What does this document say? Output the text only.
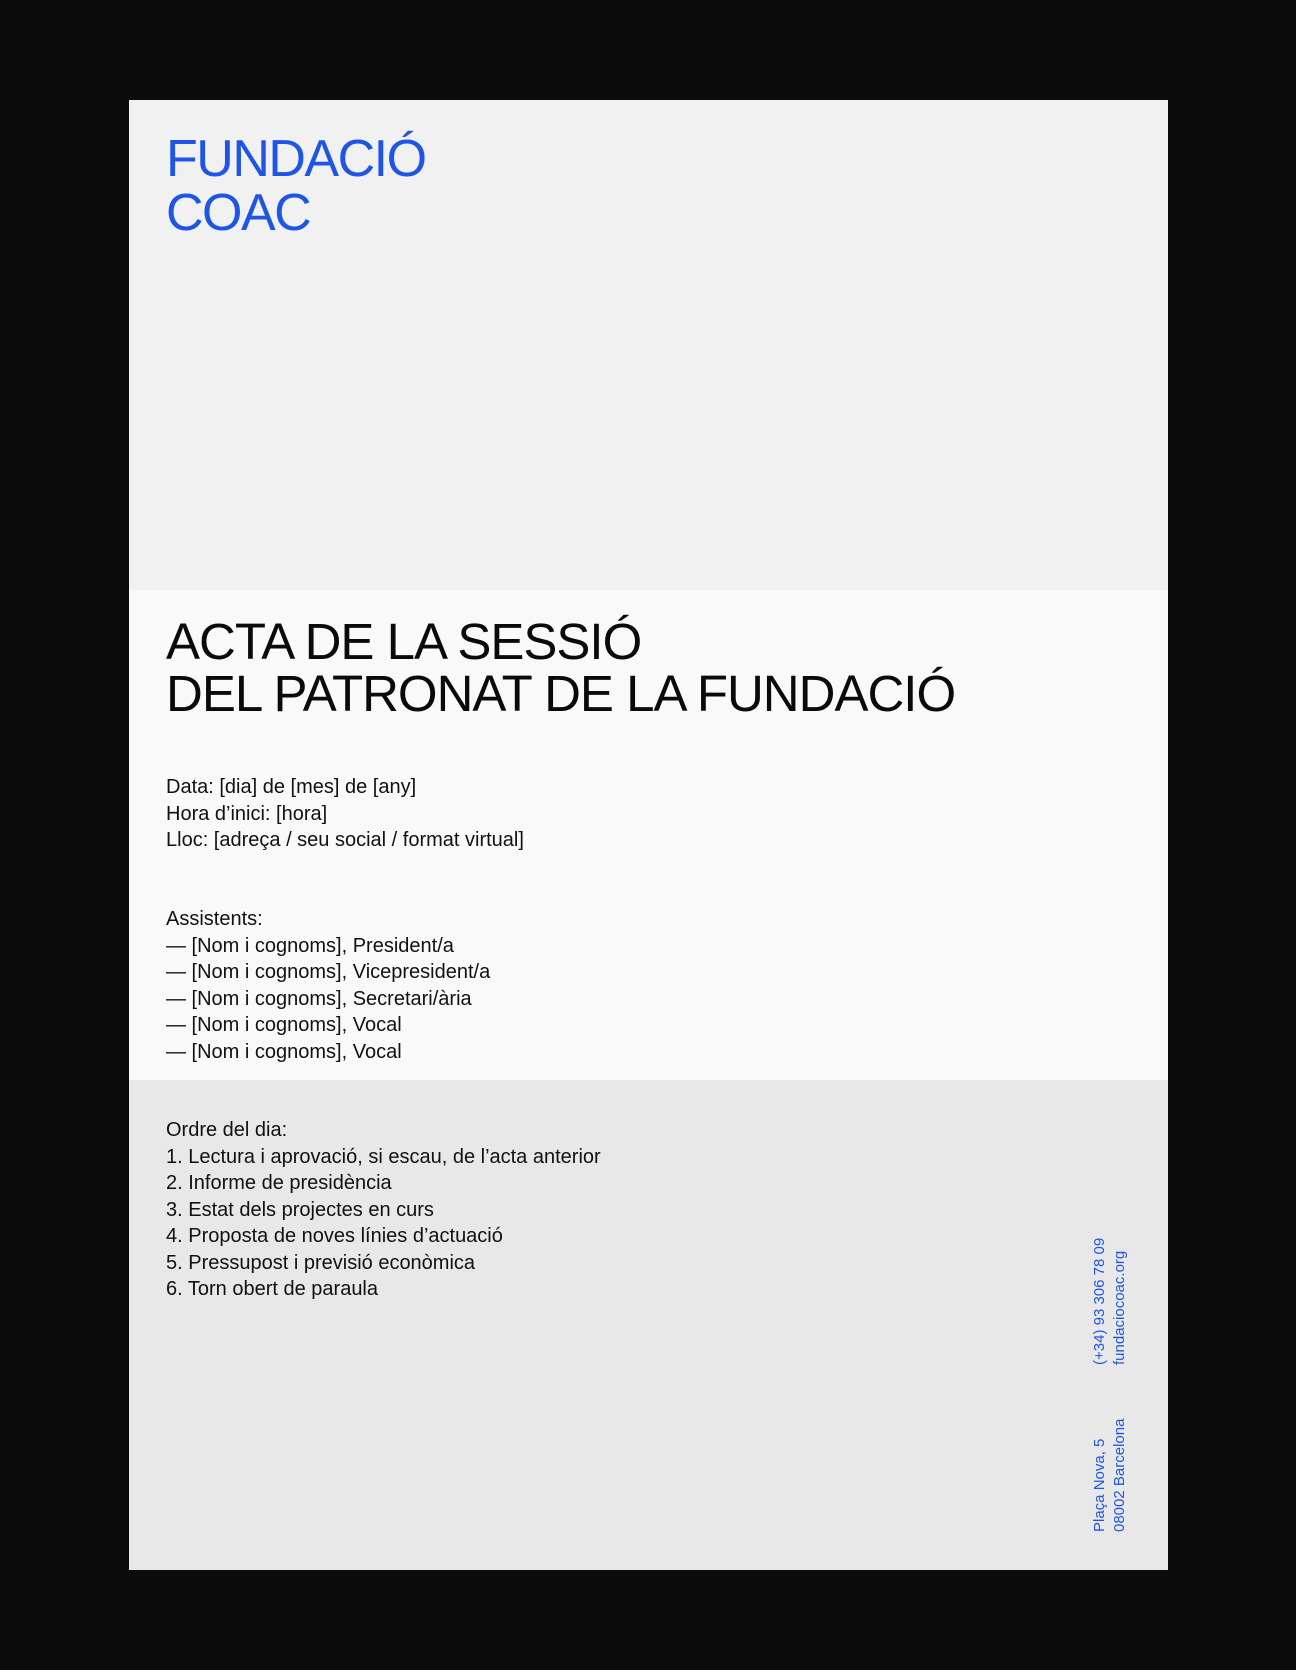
FUNDACIÓ
COAC
ACTA DE LA SESSIÓ
DEL PATRONAT DE LA FUNDACIÓ
Data: [dia] de [mes] de [any]
Hora d’inici: [hora]
Lloc: [adreça / seu social / format virtual]
Assistents:
— [Nom i cognoms], President/a
— [Nom i cognoms], Vicepresident/a
— [Nom i cognoms], Secretari/ària
— [Nom i cognoms], Vocal
— [Nom i cognoms], Vocal
Ordre del dia:
1. Lectura i aprovació, si escau, de l’acta anterior
2. Informe de presidència
3. Estat dels projectes en curs
4. Proposta de noves línies d’actuació
5. Pressupost i previsió econòmica
6. Torn obert de paraula	(+34) 93 306 78 09 fundaciocoac.org
Plaça Nova, 5 08002 Barcelona
